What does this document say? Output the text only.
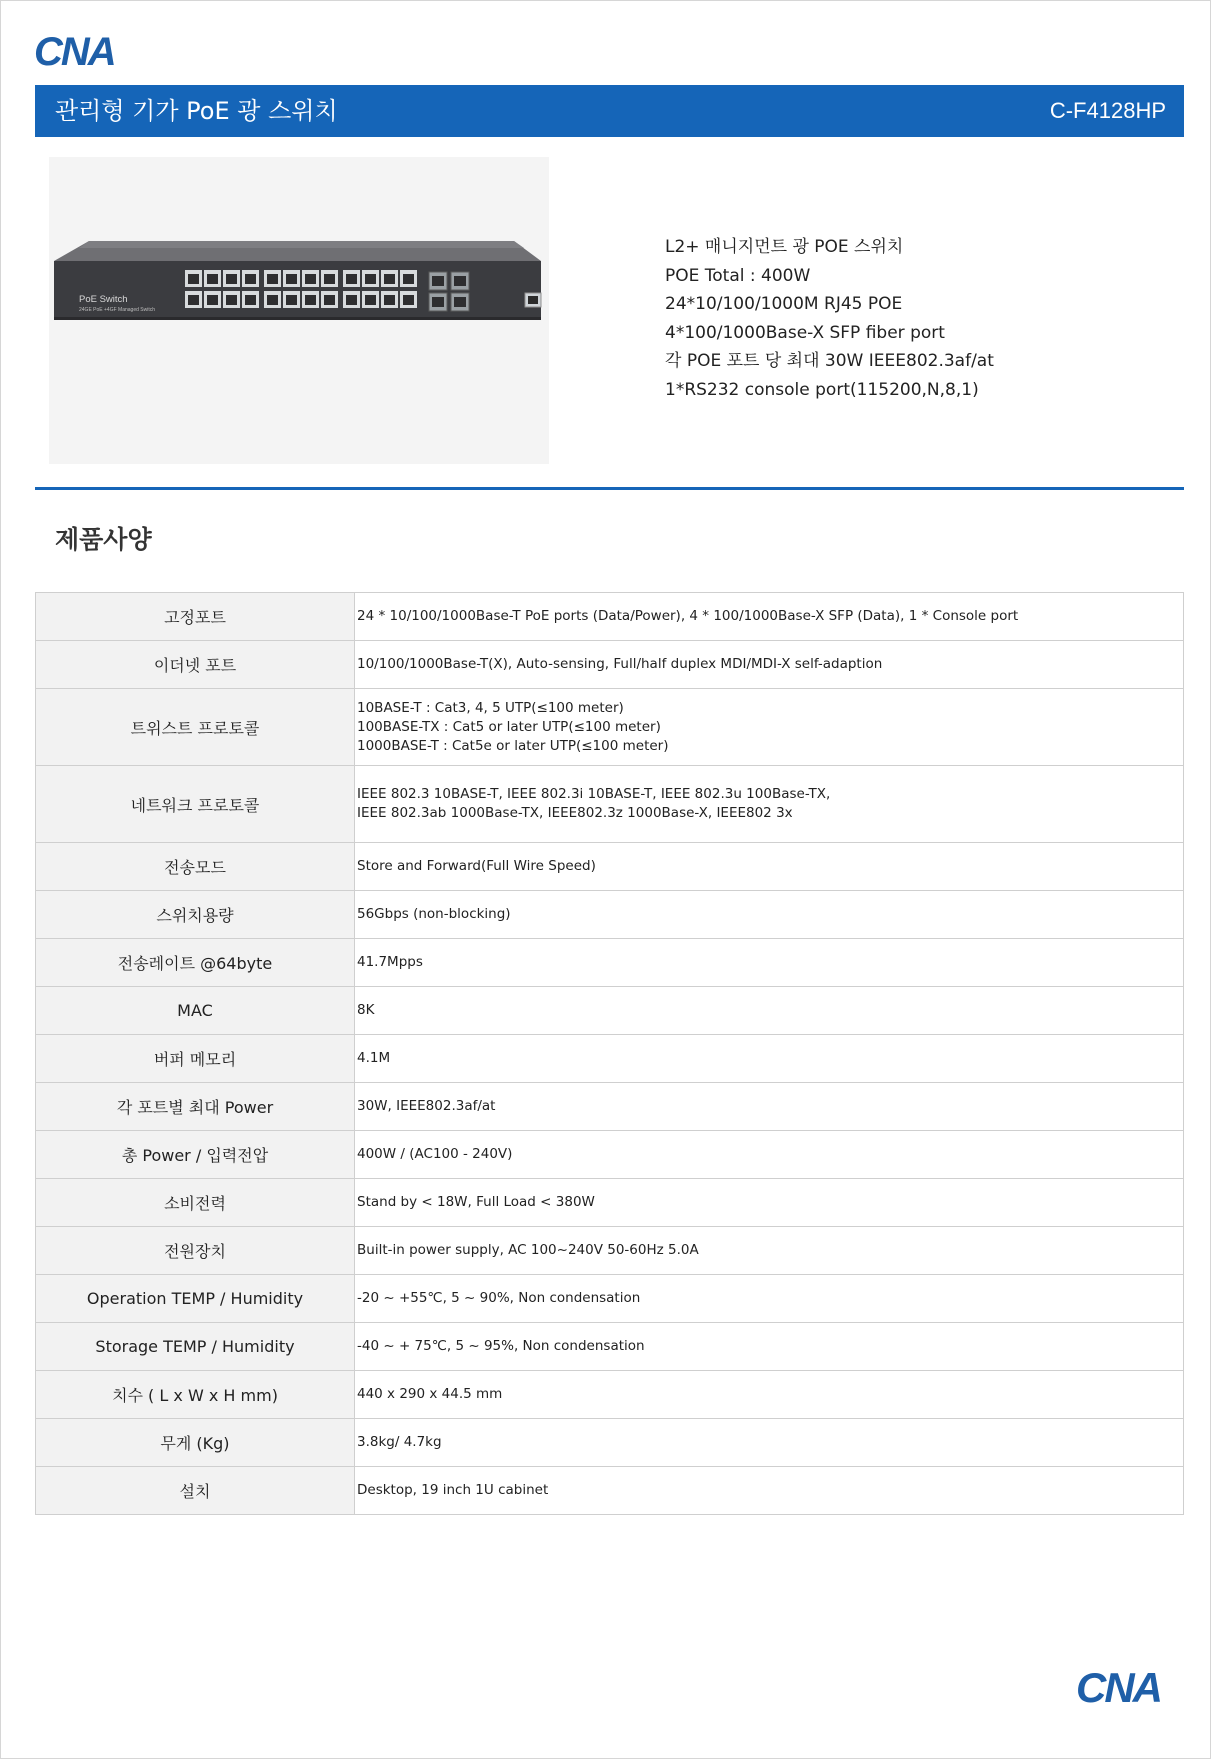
CNA
관리형 기가 PoE 광 스위치	C-F4128HP
PoE Switch
24GE PoE +4GF Managed Switch
L2+ 매니지먼트 광 POE 스위치
POE Total : 400W
24*10/100/1000M RJ45 POE
4*100/1000Base-X SFP fiber port
각 POE 포트 당 최대 30W IEEE802.3af/at
1*RS232 console port(115200,N,8,1)
제품사양
고정포트	24 * 10/100/1000Base-T PoE ports (Data/Power), 4 * 100/1000Base-X SFP (Data), 1 * Console port

이더넷 포트	10/100/1000Base-T(X), Auto-sensing, Full/half duplex MDI/MDI-X self-adaption

트위스트 프로토콜	10BASE-T : Cat3, 4, 5 UTP(≤100 meter)
100BASE-TX : Cat5 or later UTP(≤100 meter)
1000BASE-T : Cat5e or later UTP(≤100 meter)

네트워크 프로토콜	IEEE 802.3 10BASE-T, IEEE 802.3i 10BASE-T, IEEE 802.3u 100Base-TX,
IEEE 802.3ab 1000Base-TX, IEEE802.3z 1000Base-X, IEEE802 3x

전송모드	Store and Forward(Full Wire Speed)

스위치용량	56Gbps (non-blocking)

전송레이트 @64byte	41.7Mpps

MAC	8K

버퍼 메모리	4.1M

각 포트별 최대 Power	30W, IEEE802.3af/at

총 Power / 입력전압	400W / (AC100 - 240V)

소비전력	Stand by < 18W, Full Load < 380W

전원장치	Built-in power supply, AC 100~240V 50-60Hz 5.0A

Operation TEMP / Humidity	-20 ~ +55℃, 5 ~ 90%, Non condensation

Storage TEMP / Humidity	-40 ~ + 75℃, 5 ~ 95%, Non condensation

치수 ( L x W x H mm)	440 x 290 x 44.5 mm

무게 (Kg)	3.8kg/ 4.7kg

설치	Desktop, 19 inch 1U cabinet
CNA
